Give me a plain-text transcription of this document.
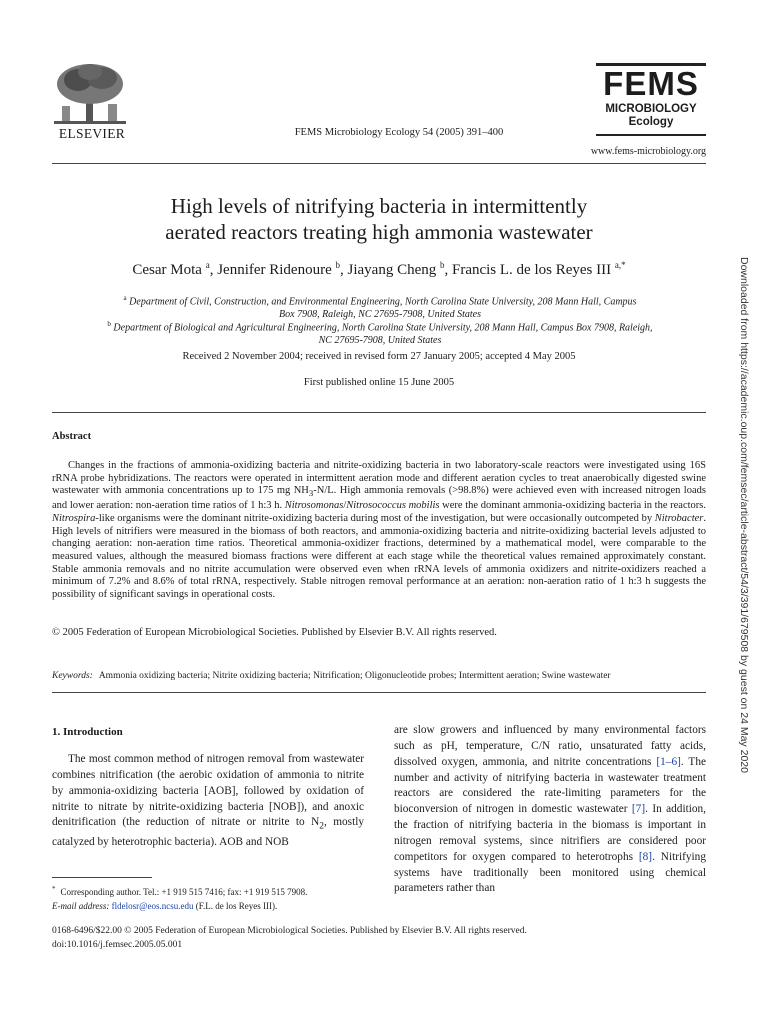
ELSEVIER	FEMS Microbiology Ecology 54 (2005) 391–400
FEMS
MICROBIOLOGY
Ecology
www.fems-microbiology.org
High levels of nitrifying bacteria in intermittently
aerated reactors treating high ammonia wastewater
Cesar Mota $^a$, Jennifer Ridenoure $^b$, Jiayang Cheng $^b$, Francis L. de los Reyes III $^{a,*}$
$^a$ Department of Civil, Construction, and Environmental Engineering, North Carolina State University, 208 Mann Hall, Campus
Box 7908, Raleigh, NC 27695-7908, United States
$^b$ Department of Biological and Agricultural Engineering, North Carolina State University, 208 Mann Hall, Campus Box 7908, Raleigh,
NC 27695-7908, United States
Received 2 November 2004; received in revised form 27 January 2005; accepted 4 May 2005
First published online 15 June 2005
Abstract

Changes in the fractions of ammonia-oxidizing bacteria and nitrite-oxidizing bacteria in two laboratory-scale reactors were investigated using 16S rRNA probe hybridizations. The reactors were operated in intermittent aeration mode and different aeration cycles to treat anaerobically digested swine wastewater with ammonia concentrations up to 175 mg $NH_3-N/L$. High ammonia removals (>98.8%) were achieved even with increased nitrogen loads and lower aeration: non-aeration time ratios of 1 h:3 h. Nitrosomonas/Nitrosococcus mobilis were the dominant ammonia-oxidizing bacteria in the reactors. Nitrospira-like organisms were the dominant nitrite-oxidizing bacteria during most of the investigation, but were occasionally outcompeted by Nitrobacter. High levels of nitrifiers were measured in the biomass of both reactors, and ammonia-oxidizing bacteria and nitrite-oxidizing bacterial levels adjusted to changing aeration: non-aeration time ratios. Theoretical ammonia-oxidizer fractions, determined by a mathematical model, were comparable to the measured values, although the measured biomass fractions were different at each stage while the theoretical values remained approximately constant. Stable ammonia removals and no nitrite accumulation were observed even when rRNA levels of ammonia oxidizers and nitrite-oxidizers reached a minimum of 7.2% and 8.6% of total rRNA, respectively. Stable nitrogen removal performance at an aeration: non-aeration ratio of 1 h:3 h suggests the possibility of significant savings in operational costs.

© 2005 Federation of European Microbiological Societies. Published by Elsevier B.V. All rights reserved.
Keywords: Ammonia oxidizing bacteria; Nitrite oxidizing bacteria; Nitrification; Oligonucleotide probes; Intermittent aeration; Swine wastewater
1. Introduction

The most common method of nitrogen removal from wastewater combines nitrification (the aerobic oxidation of ammonia to nitrite by ammonia-oxidizing bacteria [AOB], followed by oxidation of nitrite to nitrate by nitrite-oxidizing bacteria [NOB]), and anoxic denitrification (the reduction of nitrate or nitrite to $N_2$, mostly catalyzed by heterotrophic bacteria). AOB and NOB

are slow growers and influenced by many environmental factors such as pH, temperature, C/N ratio, unsaturated fatty acids, dissolved oxygen, ammonia, and nitrite concentrations [1–6]. The number and activity of nitrifying bacteria in wastewater treatment reactors are considered the rate-limiting parameters for the bioconversion of nitrogen in domestic wastewater [7]. In addition, the fraction of nitrifying bacteria in the biomass is important in nitrogen removal systems, since nitrifiers are considered poor competitors for oxygen compared to heterotrophs [8]. Nitrifying systems have traditionally been monitored using chemical parameters rather than

* Corresponding author. Tel.: +1 919 515 7416; fax: +1 919 515 7908.
E-mail address: fldelosr@eos.ncsu.edu (F.L. de los Reyes III).
0168-6496/$22.00 © 2005 Federation of European Microbiological Societies. Published by Elsevier B.V. All rights reserved.
doi:10.1016/j.femsec.2005.05.001
Downloaded from https://academic.oup.com/femsec/article-abstract/54/3/391/679508 by guest on 24 May 2020
